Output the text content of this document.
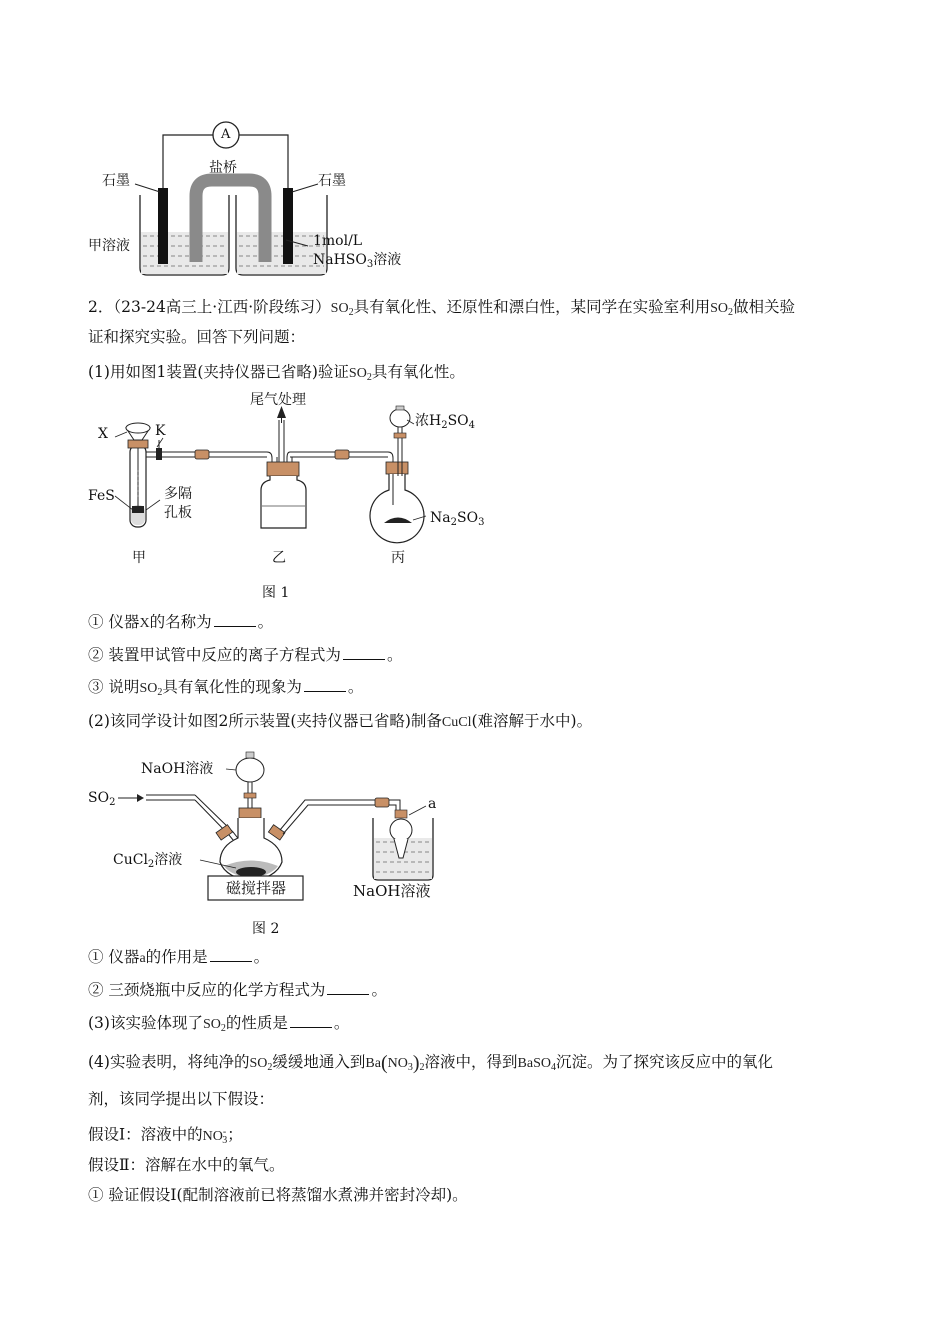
A
盐桥
石墨	石墨
甲溶液	1mol/L
NaHSO$_3$溶液
2．（23-24高三上·江西·阶段练习）$SO_2$具有氧化性、还原性和漂白性，某同学在实验室利用$SO_2$做相关验
证和探究实验。回答下列问题：
(1)用如图1装置(夹持仪器已省略)验证$SO_2$具有氧化性。
尾气处理
浓$H_2SO_4$
X	K
FeS	多隔
孔板	$Na_2SO_3$
甲	乙	丙
图 1
① 仪器X的名称为	。
② 装置甲试管中反应的离子方程式为	。
③ 说明$SO_2$具有氧化性的现象为	。
(2)该同学设计如图2所示装置(夹持仪器已省略)制备CuCl(难溶解于水中)。
NaOH溶液
$SO_2$	a
CuCl$_2$溶液
磁搅拌器	NaOH溶液
图 2
① 仪器a的作用是	。
② 三颈烧瓶中反应的化学方程式为	。
(3)该实验体现了$SO_2$的性质是	。
(4)实验表明，将纯净的$SO_2$缓缓地通入到$Ba(NO_3)_2$溶液中，得到BaSO$_4$沉淀。为了探究该反应中的氧化
剂，该同学提出以下假设：
假设Ⅰ：溶液中的$NO^-_3$；
假设Ⅱ：溶解在水中的氧气。
① 验证假设Ⅰ(配制溶液前已将蒸馏水煮沸并密封冷却)。
